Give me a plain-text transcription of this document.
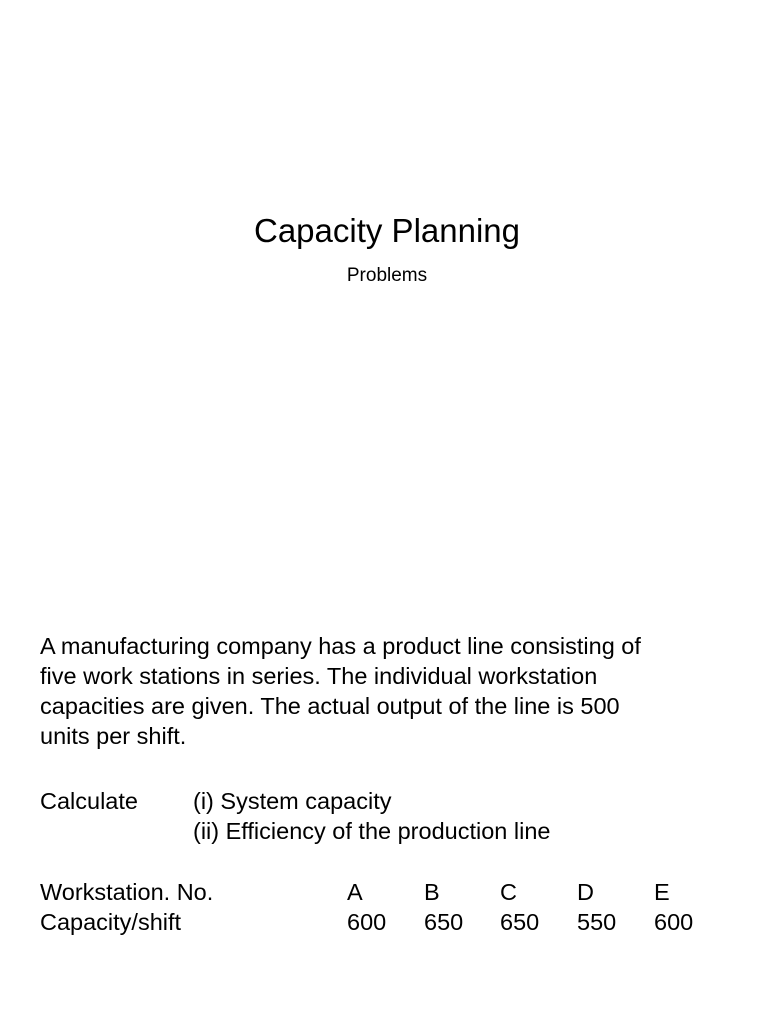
Capacity Planning
Problems
A manufacturing company has a product line consisting of
five work stations in series. The individual workstation
capacities are given. The actual output of the line is 500
units per shift.
Calculate (i) System capacity
(ii) Efficiency of the production line
Workstation. No.	A	B	C	D	E
Capacity/shift	600 650 650 550 600
